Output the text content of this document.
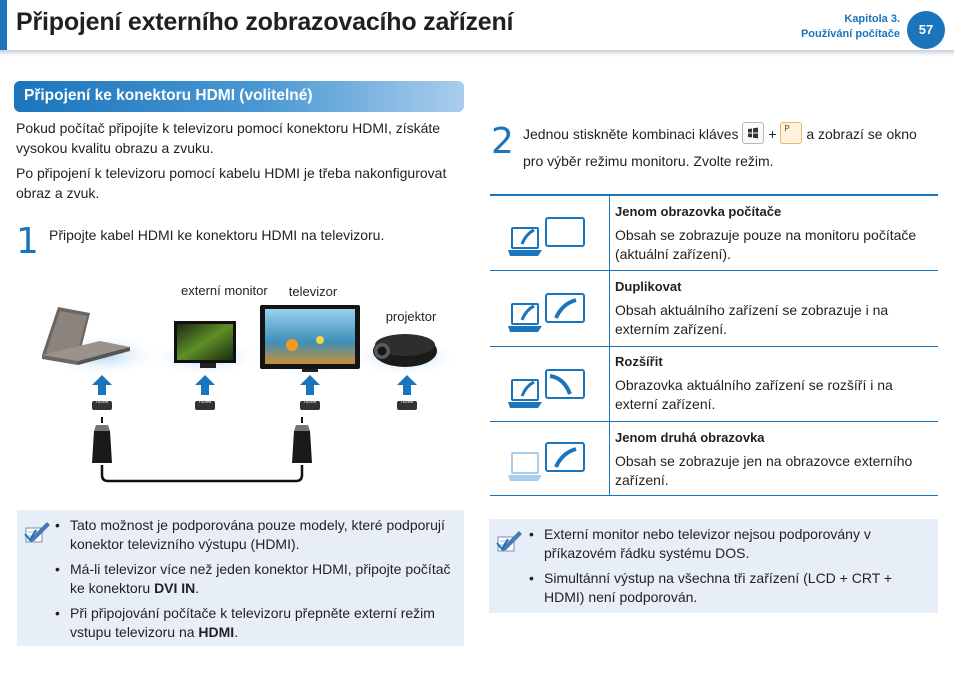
Připojení externího zobrazovacího zařízení	Kapitola 3.
Používání počítače	57
Připojení ke konektoru HDMI (volitelné)
Pokud počítač připojíte k televizoru pomocí konektoru HDMI, získáte vysokou kvalitu obrazu a zvuku.
Po připojení k televizoru pomocí kabelu HDMI je třeba nakonfigurovat obraz a zvuk.
1 Připojte kabel HDMI ke konektoru HDMI na televizoru.
externí monitor	televizor
projektor
HDMI	HDMI	HDMI	HDMI
• Tato možnost je podporována pouze modely, které podporují konektor televizního výstupu (HDMI).
• Má-li televizor více než jeden konektor HDMI, připojte počítač ke konektoru DVI IN.
• Při připojování počítače k televizoru přepněte externí režim vstupu televizoru na HDMI.
2 Jednou stiskněte kombinaci kláves + P a zobrazí se okno pro výběr režimu monitoru. Zvolte režim.
Jenom obrazovka počítače
Obsah se zobrazuje pouze na monitoru počítače (aktuální zařízení).
Duplikovat
Obsah aktuálního zařízení se zobrazuje i na externím zařízení.
Rozšířit
Obrazovka aktuálního zařízení se rozšíří i na externí zařízení.
Jenom druhá obrazovka
Obsah se zobrazuje jen na obrazovce externího zařízení.
• Externí monitor nebo televizor nejsou podporovány v příkazovém řádku systému DOS.
• Simultánní výstup na všechna tři zařízení (LCD + CRT + HDMI) není podporován.
